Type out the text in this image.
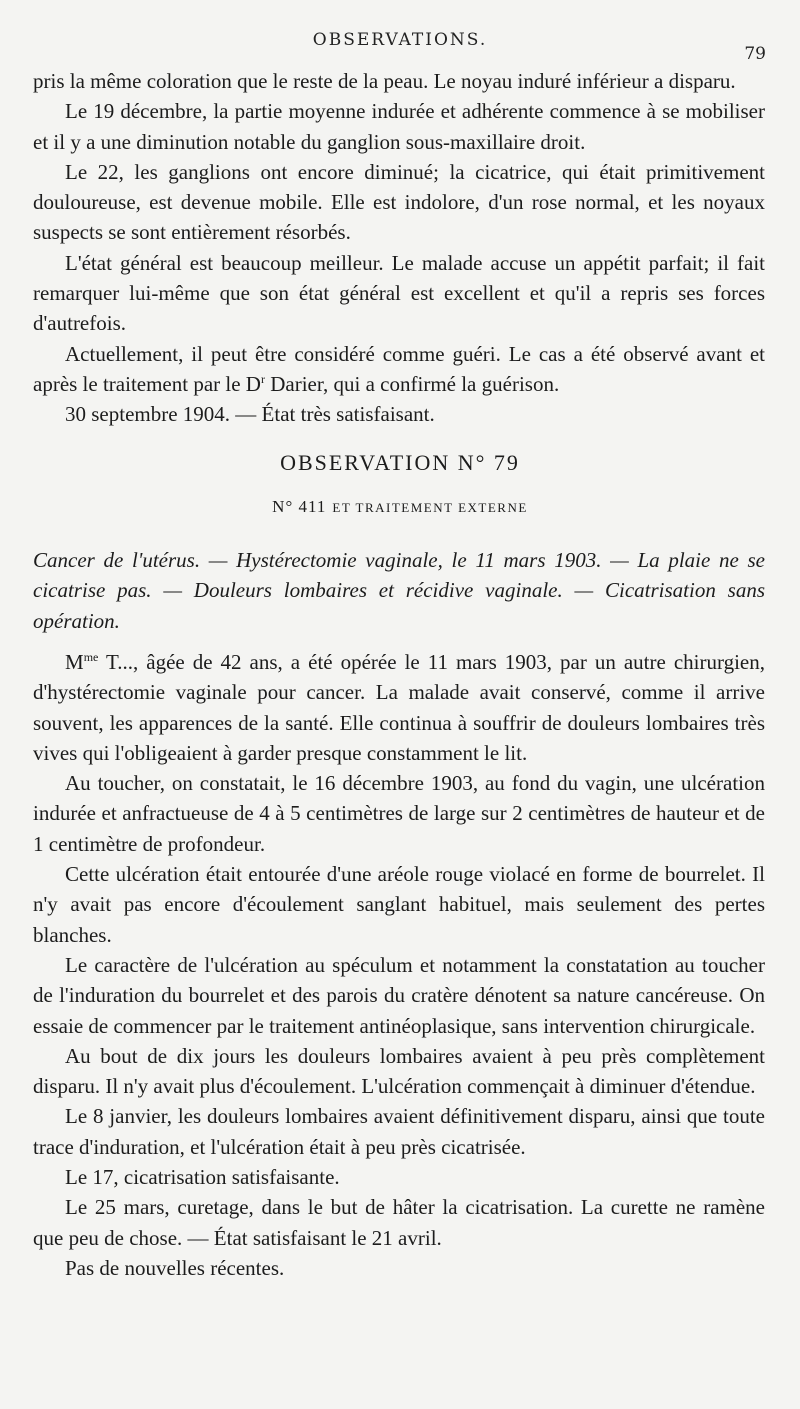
OBSERVATIONS.
79

pris la même coloration que le reste de la peau. Le noyau induré inférieur a disparu.

Le 19 décembre, la partie moyenne indurée et adhérente commence à se mobiliser et il y a une diminution notable du ganglion sous-maxillaire droit.

Le 22, les ganglions ont encore diminué; la cicatrice, qui était primitivement douloureuse, est devenue mobile. Elle est indolore, d'un rose normal, et les noyaux suspects se sont entièrement résorbés.

L'état général est beaucoup meilleur. Le malade accuse un appétit parfait; il fait remarquer lui-même que son état général est excellent et qu'il a repris ses forces d'autrefois.

Actuellement, il peut être considéré comme guéri. Le cas a été observé avant et après le traitement par le $D^r$ Darier, qui a confirmé la guérison.

30 septembre 1904. — État très satisfaisant.

OBSERVATION N° 79
N° 411 ET TRAITEMENT EXTERNE

Cancer de l'utérus. — Hystérectomie vaginale, le 11 mars 1903. — La plaie ne se cicatrise pas. — Douleurs lombaires et récidive vaginale. — Cicatrisation sans opération.

$M^{me}$ T..., âgée de 42 ans, a été opérée le 11 mars 1903, par un autre chirurgien, d'hystérectomie vaginale pour cancer. La malade avait conservé, comme il arrive souvent, les apparences de la santé. Elle continua à souffrir de douleurs lombaires très vives qui l'obligeaient à garder presque constamment le lit.

Au toucher, on constatait, le 16 décembre 1903, au fond du vagin, une ulcération indurée et anfractueuse de 4 à 5 centimètres de large sur 2 centimètres de hauteur et de 1 centimètre de profondeur.

Cette ulcération était entourée d'une aréole rouge violacé en forme de bourrelet. Il n'y avait pas encore d'écoulement sanglant habituel, mais seulement des pertes blanches.

Le caractère de l'ulcération au spéculum et notamment la constatation au toucher de l'induration du bourrelet et des parois du cratère dénotent sa nature cancéreuse. On essaie de commencer par le traitement antinéoplasique, sans intervention chirurgicale.

Au bout de dix jours les douleurs lombaires avaient à peu près complètement disparu. Il n'y avait plus d'écoulement. L'ulcération commençait à diminuer d'étendue.

Le 8 janvier, les douleurs lombaires avaient définitivement disparu, ainsi que toute trace d'induration, et l'ulcération était à peu près cicatrisée.

Le 17, cicatrisation satisfaisante.

Le 25 mars, curetage, dans le but de hâter la cicatrisation. La curette ne ramène que peu de chose. — État satisfaisant le 21 avril.

Pas de nouvelles récentes.
